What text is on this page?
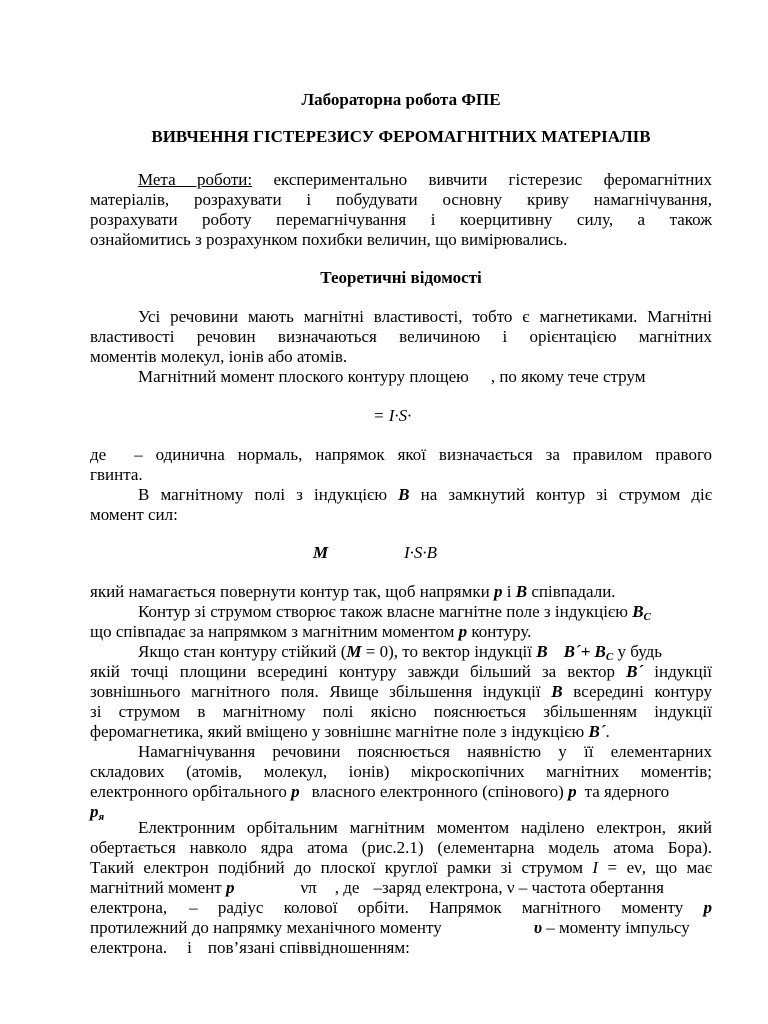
Лабораторна робота ФПЕ

ВИВЧЕННЯ ГІСТЕРЕЗИСУ ФЕРОМАГНІТНИХ МАТЕРІАЛІВ

Мета роботи: експериментально вивчити гістерезис феромагнітних

матеріалів, розрахувати і побудувати основну криву намагнічування,

розрахувати роботу перемагнічування і коерцитивну силу, а також

ознайомитись з розрахунком похибки величин, що вимірювались.

Теоретичні відомості

Усі речовини мають магнітні властивості, тобто є магнетиками. Магнітні

властивості речовин визначаються величиною і орієнтацією магнітних

моментів молекул, іонів або атомів.

Магнітний момент плоского контуру площею , по якому тече струм

= I·S·

де – одинична нормаль, напрямок якої визначається за правилом правого

гвинта.

В магнітному полі з індукцією B на замкнутий контур зі струмом діє

момент сил:

M	I·S·B

який намагається повернути контур так, щоб напрямки p і B співпадали.

Контур зі струмом створює також власне магнітне поле з індукцією $B_C$

що співпадає за напрямком з магнітним моментом p контуру.

Якщо стан контуру стійкий (M = 0), то вектор індукції B B´+ $B_C$ у будь

якій точці площини всередині контуру завжди більший за вектор B´ індукції

зовнішнього магнітного поля. Явище збільшення індукції B всередині контуру

зі струмом в магнітному полі якісно пояснюється збільшенням індукції

феромагнетика, який вміщено у зовнішнє магнітне поле з індукцією B´.

Намагнічування речовини пояснюється наявністю у її елементарних

складових (атомів, молекул, іонів) мікроскопічних магнітних моментів;

електронного орбітального p власного електронного (спінового) p та ядерного

$p_я$

Електронним орбітальним магнітним моментом наділено електрон, який

обертається навколо ядра атома (рис.2.1) (елементарна модель атома Бора).

Такий електрон подібний до плоскої круглої рамки зі струмом I = eν, що має

магнітний момент p	νπ , де –заряд електрона, ν – частота обертання

електрона, – радіус колової орбіти. Напрямок магнітного моменту p

протилежний до напрямку механічного моменту	υ – моменту імпульсу

електрона. і пов’язані співвідношенням:
